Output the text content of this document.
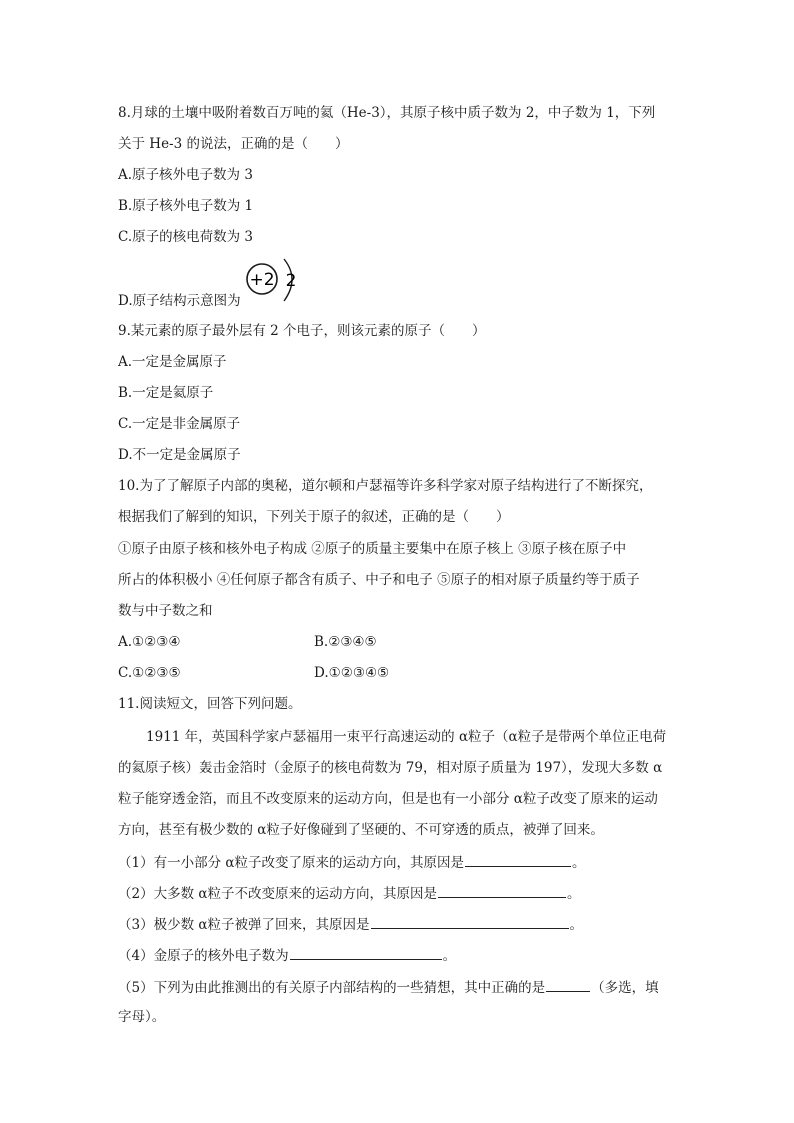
8.月球的土壤中吸附着数百万吨的氦（He-3），其原子核中质子数为 2，中子数为 1，下列
关于 He-3 的说法，正确的是（　　）
A.原子核外电子数为 3
B.原子核外电子数为 1
C.原子的核电荷数为 3
D.原子结构示意图为
+2 2
9.某元素的原子最外层有 2 个电子，则该元素的原子（　　）
A.一定是金属原子
B.一定是氦原子
C.一定是非金属原子
D.不一定是金属原子
10.为了了解原子内部的奥秘，道尔顿和卢瑟福等许多科学家对原子结构进行了不断探究，
根据我们了解到的知识，下列关于原子的叙述，正确的是（　　）
①原子由原子核和核外电子构成 ②原子的质量主要集中在原子核上 ③原子核在原子中
所占的体积极小 ④任何原子都含有质子、中子和电子 ⑤原子的相对原子质量约等于质子
数与中子数之和
A.①②③④	B.②③④⑤
C.①②③⑤	D.①②③④⑤
11.阅读短文，回答下列问题。
1911 年，英国科学家卢瑟福用一束平行高速运动的 α粒子（α粒子是带两个单位正电荷
的氦原子核）轰击金箔时（金原子的核电荷数为 79，相对原子质量为 197），发现大多数 α
粒子能穿透金箔，而且不改变原来的运动方向，但是也有一小部分 α粒子改变了原来的运动
方向，甚至有极少数的 α粒子好像碰到了坚硬的、不可穿透的质点，被弹了回来。
（1）有一小部分 α粒子改变了原来的运动方向，其原因是	。
（2）大多数 α粒子不改变原来的运动方向，其原因是	。
（3）极少数 α粒子被弹了回来，其原因是	。
（4）金原子的核外电子数为	。
（5）下列为由此推测出的有关原子内部结构的一些猜想，其中正确的是	（多选，填
字母）。
